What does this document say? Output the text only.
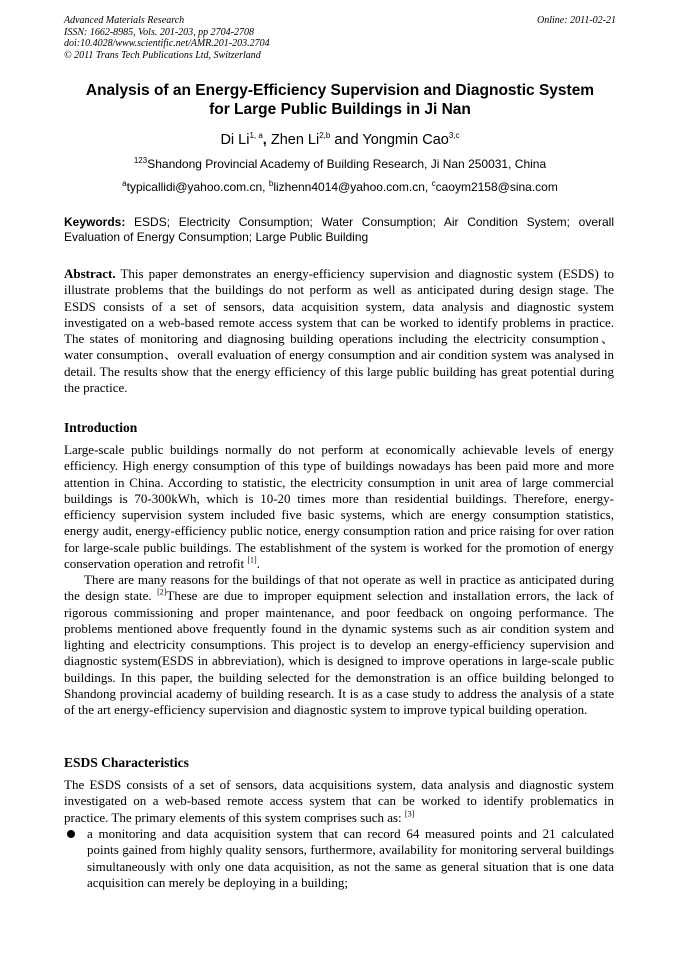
Advanced Materials Research
ISSN: 1662-8985, Vols. 201-203, pp 2704-2708
doi:10.4028/www.scientific.net/AMR.201-203.2704
© 2011 Trans Tech Publications Ltd, Switzerland
Online: 2011-02-21
Analysis of an Energy-Efficiency Supervision and Diagnostic System
for Large Public Buildings in Ji Nan
Di Li$^{1, a}$, Zhen Li$^{2,b}$ and Yongmin Cao$^{3,c}$
$^{123}$Shandong Provincial Academy of Building Research, Ji Nan 250031, China
$^a$typicallidi@yahoo.com.cn, $^b$lizhenn4014@yahoo.com.cn, $^c$caoym2158@sina.com
Keywords: ESDS; Electricity Consumption; Water Consumption; Air Condition System; overall Evaluation of Energy Consumption; Large Public Building
Abstract. This paper demonstrates an energy-efficiency supervision and diagnostic system (ESDS) to illustrate problems that the buildings do not perform as well as anticipated during design stage. The ESDS consists of a set of sensors, data acquisition system, data analysis and diagnostic system investigated on a web-based remote access system that can be worked to identify problems in practice. The states of monitoring and diagnosing building operations including the electricity consumption、water consumption、overall evaluation of energy consumption and air condition system was analysed in detail. The results show that the energy efficiency of this large public building has great potential during the practice.
Introduction
Large-scale public buildings normally do not perform at economically achievable levels of energy efficiency. High energy consumption of this type of buildings nowadays has been paid more and more attention in China. According to statistic, the electricity consumption in unit area of large commercial buildings is 70-300kWh, which is 10-20 times more than residential buildings. Therefore, energy-efficiency supervision system included five basic systems, which are energy consumption statistics, energy audit, energy-efficiency public notice, energy consumption ration and price raising for over ration for large-scale public buildings. The establishment of the system is worked for the promotion of energy conservation operation and retrofit [1].
There are many reasons for the buildings of that not operate as well in practice as anticipated during the design state. [2]These are due to improper equipment selection and installation errors, the lack of rigorous commissioning and proper maintenance, and poor feedback on ongoing performance. The problems mentioned above frequently found in the dynamic systems such as air condition system and lighting and electricity consumptions. This project is to develop an energy-efficiency supervision and diagnostic system(ESDS in abbreviation), which is designed to improve operations in large-scale public buildings. In this paper, the building selected for the demonstration is an office building belonged to Shandong provincial academy of building research. It is as a case study to address the analysis of a state of the art energy-efficiency supervision and diagnostic system to improve typical building operation.
ESDS Characteristics
The ESDS consists of a set of sensors, data acquisitions system, data analysis and diagnostic system investigated on a web-based remote access system that can be worked to identify problematics in practice. The primary elements of this system comprises such as: [3]
a monitoring and data acquisition system that can record 64 measured points and 21 calculated points gained from highly quality sensors, furthermore, availability for monitoring serveral buildings simultaneously with only one data acquisition, as not the same as general situation that is one data acquisition can merely be deploying in a building;
